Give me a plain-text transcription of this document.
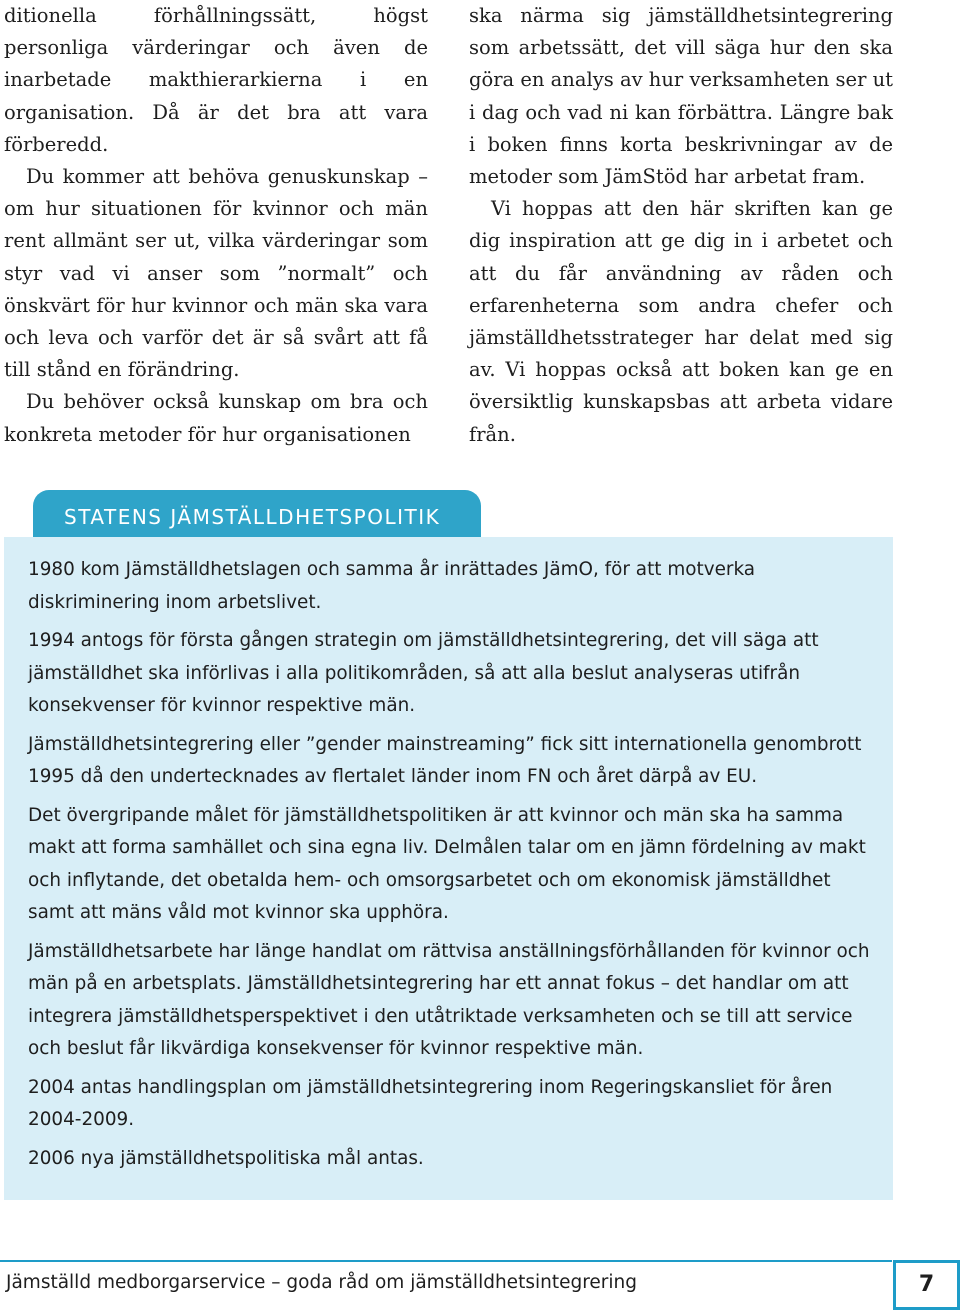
ditionella förhållningssätt, högst personliga värderingar och även de inarbetade makthierarkierna i en organisation. Då är det bra att vara förberedd.

Du kommer att behöva genuskunskap – om hur situationen för kvinnor och män rent allmänt ser ut, vilka värderingar som styr vad vi anser som ”normalt” och önskvärt för hur kvinnor och män ska vara och leva och varför det är så svårt att få till stånd en förändring.

Du behöver också kunskap om bra och konkreta metoder för hur organisationen

ska närma sig jämställdhetsintegrering som arbetssätt, det vill säga hur den ska göra en analys av hur verksamheten ser ut i dag och vad ni kan förbättra. Längre bak i boken finns korta beskrivningar av de metoder som JämStöd har arbetat fram.

Vi hoppas att den här skriften kan ge dig inspiration att ge dig in i arbetet och att du får användning av råden och erfarenheterna som andra chefer och jämställdhetsstrateger har delat med sig av. Vi hoppas också att boken kan ge en översiktlig kunskapsbas att arbeta vidare från.

STATENS JÄMSTÄLLDHETSPOLITIK

1980 kom Jämställdhetslagen och samma år inrättades JämO, för att motverka diskriminering inom arbetslivet.

1994 antogs för första gången strategin om jämställdhetsintegrering, det vill säga att jämställdhet ska införlivas i alla politikområden, så att alla beslut analyseras utifrån konsekvenser för kvinnor respektive män.

Jämställdhetsintegrering eller ”gender mainstreaming” fick sitt internationella genombrott 1995 då den undertecknades av flertalet länder inom FN och året därpå av EU.

Det övergripande målet för jämställdhetspolitiken är att kvinnor och män ska ha samma makt att forma samhället och sina egna liv. Delmålen talar om en jämn fördelning av makt och inflytande, det obetalda hem- och omsorgsarbetet och om ekonomisk jämställdhet samt att mäns våld mot kvinnor ska upphöra.

Jämställdhetsarbete har länge handlat om rättvisa anställningsförhållanden för kvinnor och män på en arbetsplats. Jämställdhetsintegrering har ett annat fokus – det handlar om att integrera jämställdhetsperspektivet i den utåtriktade verksamheten och se till att service och beslut får likvärdiga konsekvenser för kvinnor respektive män.

2004 antas handlingsplan om jämställdhetsintegrering inom Regeringskansliet för åren 2004-2009.

2006 nya jämställdhetspolitiska mål antas.

Jämställd medborgarservice – goda råd om jämställdhetsintegrering	7
